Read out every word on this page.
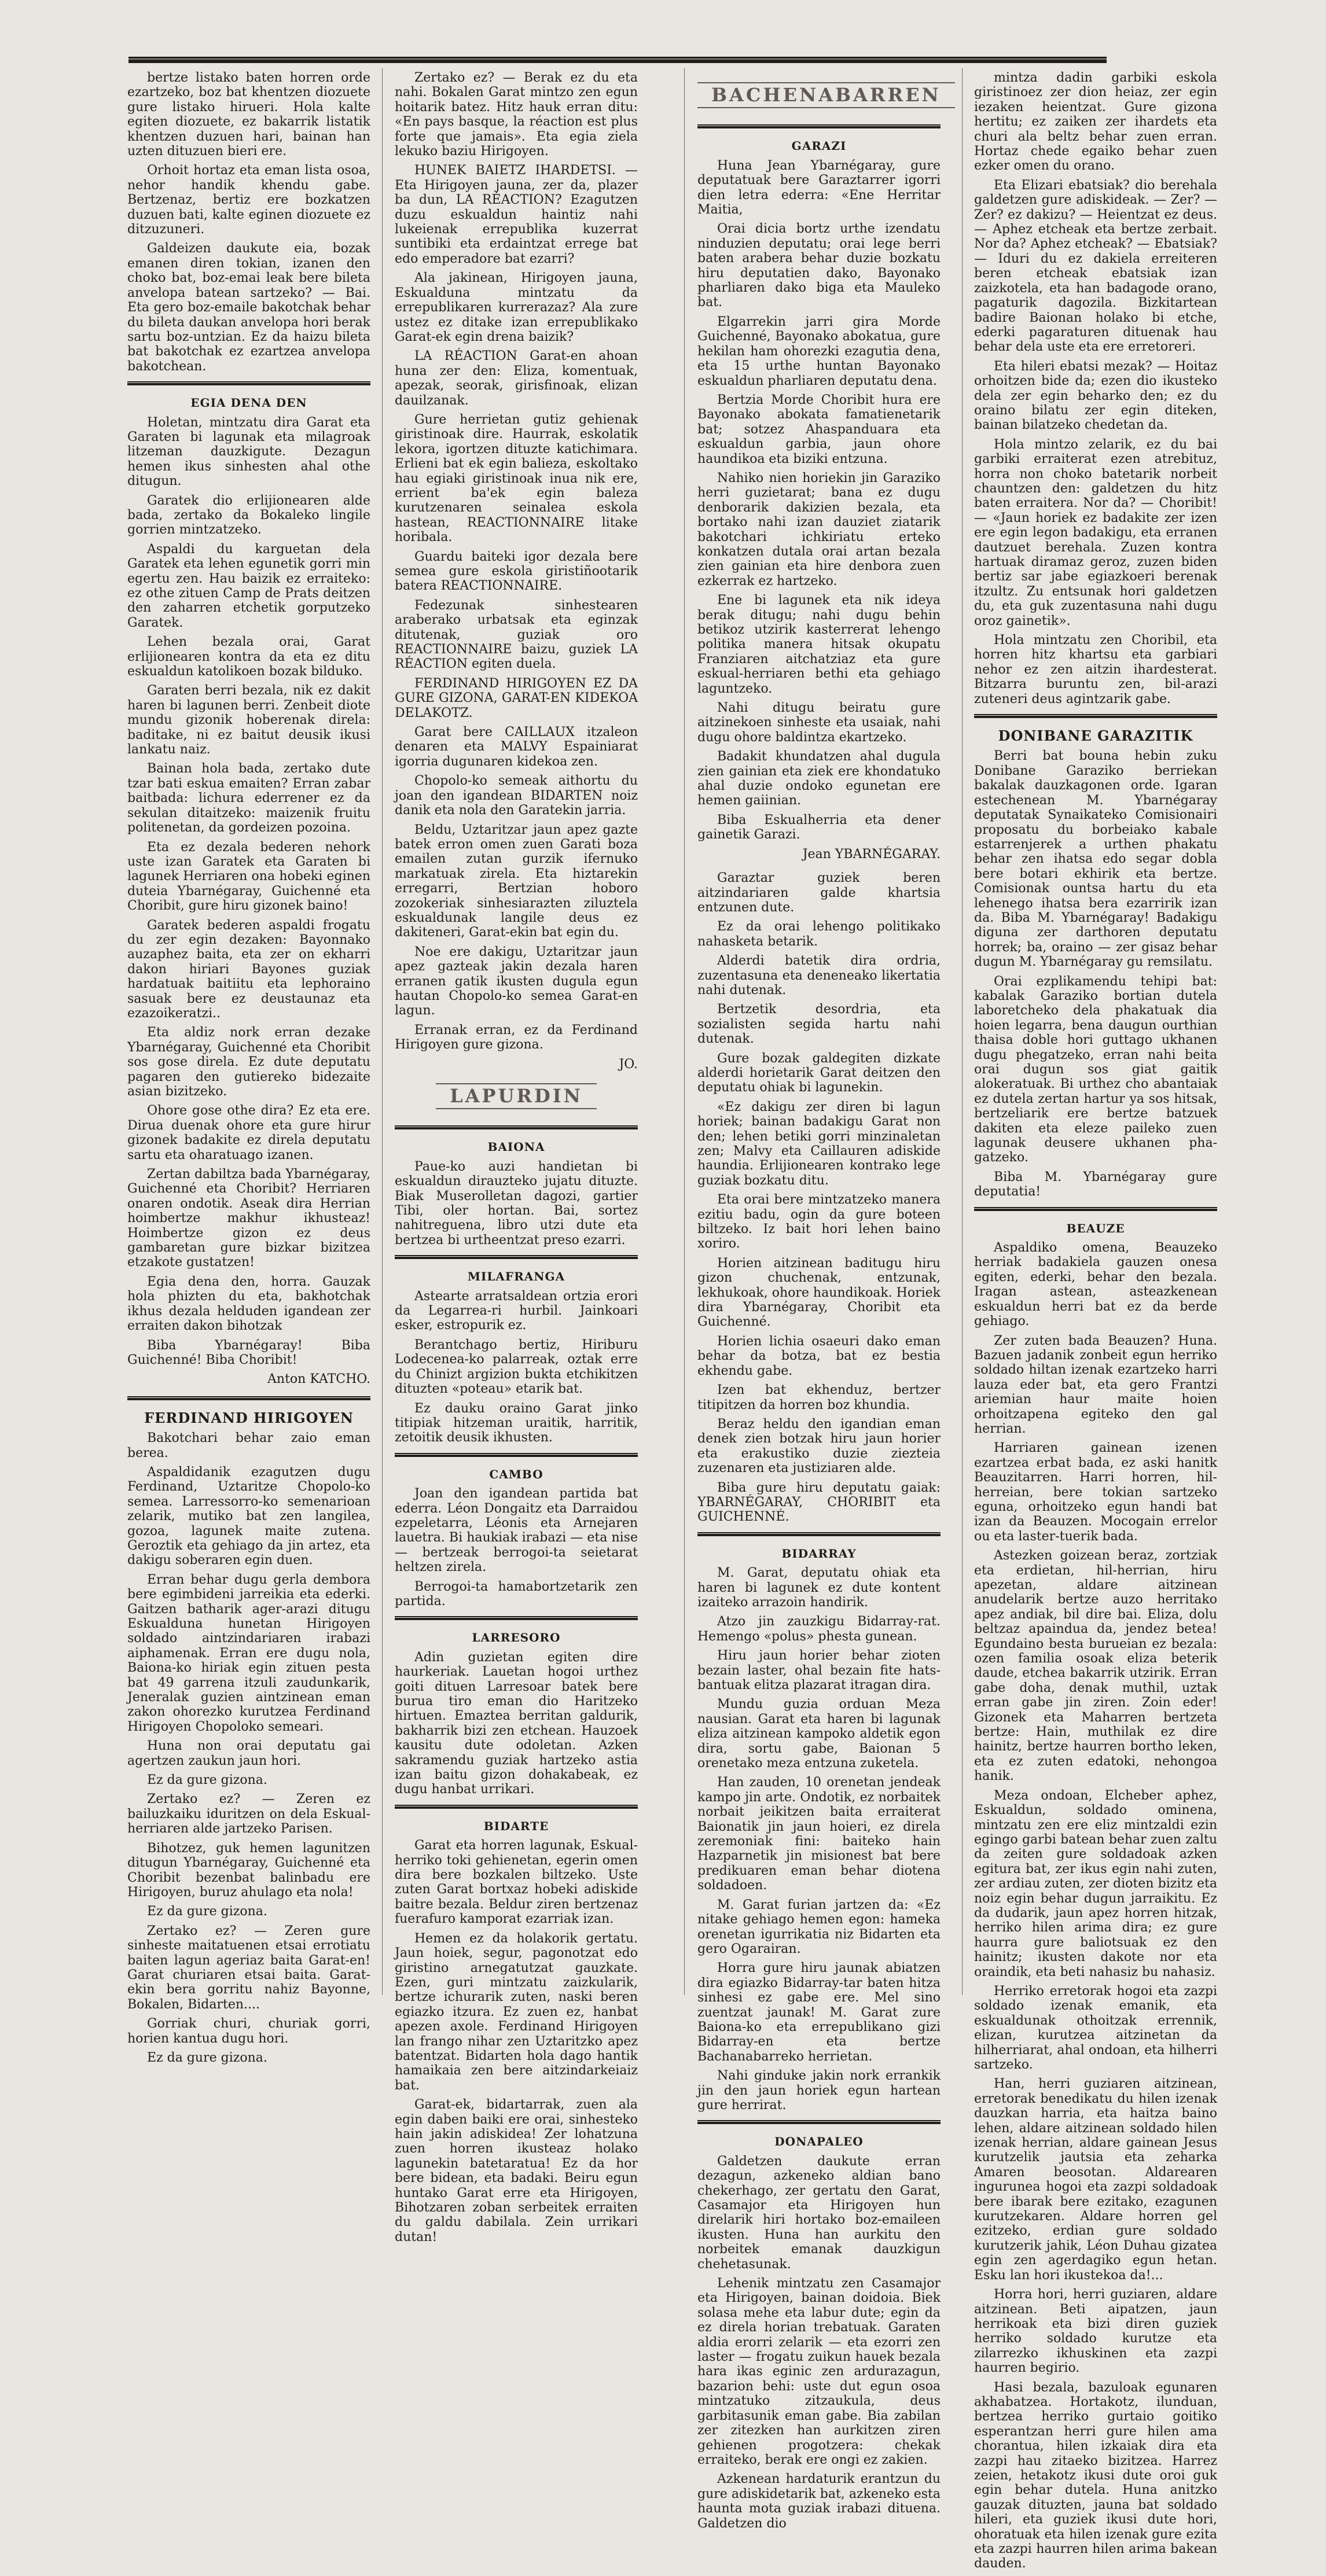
bertze listako baten horren orde ezartzeko, boz bat khentzen diozuete gure listako hirueri. Hola kalte egiten diozuete, ez bakarrik listatik khentzen duzuen hari, bainan han uzten dituzuen bieri ere.

Orhoit hortaz eta eman lista osoa, nehor handik khendu gabe. Bertzenaz, bertiz ere bozkatzen duzuen bati, kalte eginen diozuete ez ditzuzuneri.

Galdeizen daukute eia, bozak emanen diren tokian, izanen den choko bat, boz-emai leak bere bileta anvelopa batean sartzeko? — Bai. Eta gero boz-emaile bakotchak behar du bileta daukan anvelopa hori berak sartu boz-untzian. Ez da haizu bileta bat bakotchak ez ezartzea anvelopa bakotchean.

EGIA DENA DEN

Holetan, mintzatu dira Garat eta Garaten bi lagunak eta milagroak litzeman dauzkigute. Dezagun hemen ikus sinhesten ahal othe ditugun.

Garatek dio erlijionearen alde bada, zertako da Bokaleko lingile gorrien mintzatzeko.

Aspaldi du karguetan dela Garatek eta lehen egunetik gorri min egertu zen. Hau baizik ez erraiteko: ez othe zituen Camp de Prats deitzen den zaharren etchetik gorputzeko Garatek.

Lehen bezala orai, Garat erlijionearen kontra da eta ez ditu eskualdun katolikoen bozak bilduko.

Garaten berri bezala, nik ez dakit haren bi lagunen berri. Zenbeit diote mundu gizonik hoberenak direla: baditake, ni ez baitut deusik ikusi lankatu naiz.

Bainan hola bada, zertako dute tzar bati eskua emaiten? Erran zabar baitbada: lichura ederrener ez da sekulan ditaitzeko: maizenik fruitu politenetan, da gordeizen pozoina.

Eta ez dezala bederen nehork uste izan Garatek eta Garaten bi lagunek Herriaren ona hobeki eginen duteia Ybarnégaray, Guichenné eta Choribit, gure hiru gizonek baino!

Garatek bederen aspaldi frogatu du zer egin dezaken: Bayonnako auzaphez baita, eta zer on ekharri dakon hiriari Bayones guziak hardatuak baitiitu eta lephoraino sasuak bere ez deustaunaz eta ezazoikeratzi..

Eta aldiz nork erran dezake Ybarnégaray, Guichenné eta Choribit sos gose direla. Ez dute deputatu pagaren den gutiereko bidezaite asian bizitzeko.

Ohore gose othe dira? Ez eta ere. Dirua duenak ohore eta gure hirur gizonek badakite ez direla deputatu sartu eta oharatuago izanen.

Zertan dabiltza bada Ybarnégaray, Guichenné eta Choribit? Herriaren onaren ondotik. Aseak dira Herrian hoimbertze makhur ikhusteaz! Hoimbertze gizon ez deus gambaretan gure bizkar bizitzea etzakote gustatzen!

Egia dena den, horra. Gauzak hola phizten du eta, bakhotchak ikhus dezala helduden igandean zer erraiten dakon bihotzak

Biba Ybarnégaray! Biba Guichenné! Biba Choribit!

Anton KATCHO.
FERDINAND HIRIGOYEN

Bakotchari behar zaio eman berea.

Aspaldidanik ezagutzen dugu Ferdinand, Uztaritze Chopolo-ko semea. Larressorro-ko semenarioan zelarik, mutiko bat zen langilea, gozoa, lagunek maite zutena. Geroztik eta gehiago da jin artez, eta dakigu soberaren egin duen.

Erran behar dugu gerla dembora bere egimbideni jarreikia eta ederki. Gaitzen batharik ager-arazi ditugu Eskualduna hunetan Hirigoyen soldado aintzindariaren irabazi aiphamenak. Erran ere dugu nola, Baiona-ko hiriak egin zituen pesta bat 49 garrena itzuli zaudunkarik, Jeneralak guzien aintzinean eman zakon ohorezko kurutzea Ferdinand Hirigoyen Chopoloko semeari.

Huna non orai deputatu gai agertzen zaukun jaun hori.

Ez da gure gizona.

Zertako ez? — Zeren ez bailuzkaiku iduritzen on dela Eskual-herriaren alde jartzeko Parisen.

Bihotzez, guk hemen lagunitzen ditugun Ybarnégaray, Guichenné eta Choribit bezenbat balinbadu ere Hirigoyen, buruz ahulago eta nola!

Ez da gure gizona.

Zertako ez? — Zeren gure sinheste maitatuenen etsai errotiatu baiten lagun ageriaz baita Garat-en! Garat churiaren etsai baita. Garat-ekin bera gorritu nahiz Bayonne, Bokalen, Bidarten....

Gorriak churi, churiak gorri, horien kantua dugu hori.

Ez da gure gizona.

Zertako ez? — Berak ez du eta nahi. Bokalen Garat mintzo zen egun hoitarik batez. Hitz hauk erran ditu: «En pays basque, la réaction est plus forte que jamais». Eta egia ziela lekuko baziu Hirigoyen.

HUNEK BAIETZ IHARDETSI. — Eta Hirigoyen jauna, zer da, plazer ba dun, LA RÉACTION? Ezagutzen duzu eskualdun haintiz nahi lukeienak errepublika kuzerrat suntibiki eta erdaintzat errege bat edo emperadore bat ezarri?

Ala jakinean, Hirigoyen jauna, Eskualduna mintzatu da errepublikaren kurrerazaz? Ala zure ustez ez ditake izan errepublikako Garat-ek egin drena baizik?

LA RÉACTION Garat-en ahoan huna zer den: Eliza, komentuak, apezak, seorak, girisfinoak, elizan dauilzanak.

Gure herrietan gutiz gehienak giristinoak dire. Haurrak, eskolatik lekora, igortzen dituzte katichimara. Erlieni bat ek egin balieza, eskoltako hau egiaki giristinoak inua nik ere, errient ba'ek egin baleza kurutzenaren seinalea eskola hastean, REACTIONNAIRE litake horibala.

Guardu baiteki igor dezala bere semea gure eskola giristiñootarik batera REACTIONNAIRE.

Fedezunak sinhestearen araberako urbatsak eta eginzak ditutenak, guziak oro REACTIONNAIRE baizu, guziek LA RÉACTION egiten duela.

FERDINAND HIRIGOYEN EZ DA GURE GIZONA, GARAT-EN KIDEKOA DELAKOTZ.

Garat bere CAILLAUX itzaleon denaren eta MALVY Espainiarat igorria dugunaren kidekoa zen.

Chopolo-ko semeak aithortu du joan den igandean BIDARTEN noiz danik eta nola den Garatekin jarria.

Beldu, Uztaritzar jaun apez gazte batek erron omen zuen Garati boza emailen zutan gurzik ifernuko markatuak zirela. Eta hiztarekin erregarri, Bertzian hoboro zozokeriak sinhesiarazten ziluztela eskualdunak langile deus ez dakiteneri, Garat-ekin bat egin du.

Noe ere dakigu, Uztaritzar jaun apez gazteak jakin dezala haren erranen gatik ikusten dugula egun hautan Chopolo-ko semea Garat-en lagun.

Erranak erran, ez da Ferdinand Hirigoyen gure gizona.

JO.
LAPURDIN
BAIONA

Paue-ko auzi handietan bi eskualdun dirauzteko jujatu dituzte. Biak Muserolletan dagozi, gartier Tibi, oler hortan. Bai, sortez nahitreguena, libro utzi dute eta bertzea bi urtheentzat preso ezarri.

MILAFRANGA

Astearte arratsaldean ortzia erori da Legarrea-ri hurbil. Jainkoari esker, estropurik ez.

Berantchago bertiz, Hiriburu Lodecenea-ko palarreak, oztak erre du Chinizt argizion bukta etchikitzen dituzten «poteau» etarik bat.

Ez dauku oraino Garat jinko titipiak hitzeman uraitik, harritik, zetoitik deusik ikhusten.

CAMBO

Joan den igandean partida bat ederra. Léon Dongaitz eta Darraidou ezpeletarra, Léonis eta Arnejaren lauetra. Bi haukiak irabazi — eta nise — bertzeak berrogoi-ta seietarat heltzen zirela.

Berrogoi-ta hamabortzetarik zen partida.

LARRESORO

Adin guzietan egiten dire haurkeriak. Lauetan hogoi urthez goiti dituen Larresoar batek bere burua tiro eman dio Haritzeko hirtuen. Emaztea berritan galdurik, bakharrik bizi zen etchean. Hauzoek kausitu dute odoletan. Azken sakramendu guziak hartzeko astia izan baitu gizon dohakabeak, ez dugu hanbat urrikari.

BIDARTE

Garat eta horren lagunak, Eskual-herriko toki gehienetan, egerin omen dira bere bozkalen biltzeko. Uste zuten Garat bortxaz hobeki adiskide baitre bezala. Beldur ziren bertzenaz fuerafuro kamporat ezarriak izan.

Hemen ez da holakorik gertatu. Jaun hoiek, segur, pagonotzat edo giristino arnegatutzat gauzkate. Ezen, guri mintzatu zaizkularik, bertze ichurarik zuten, naski beren egiazko itzura. Ez zuen ez, hanbat apezen axole. Ferdinand Hirigoyen lan frango nihar zen Uztaritzko apez batentzat. Bidarten hola dago hantik hamaikaia zen bere aitzindarkeiaiz bat.

Garat-ek, bidartarrak, zuen ala egin daben baiki ere orai, sinhesteko hain jakin adiskidea! Zer lohatzuna zuen horren ikusteaz holako lagunekin batetaratua! Ez da hor bere bidean, eta badaki. Beiru egun huntako Garat erre eta Hirigoyen, Bihotzaren zoban serbeitek erraiten du galdu dabilala. Zein urrikari dutan!

BACHENABARREN
GARAZI

Huna Jean Ybarnégaray, gure deputatuak bere Garaztarrer igorri dien letra ederra: «Ene Herritar Maitia,

Orai dicia bortz urthe izendatu ninduzien deputatu; orai lege berri baten arabera behar duzie bozkatu hiru deputatien dako, Bayonako pharliaren dako biga eta Mauleko bat.

Elgarrekin jarri gira Morde Guichenné, Bayonako abokatua, gure hekilan ham ohorezki ezagutia dena, eta 15 urthe huntan Bayonako eskualdun pharliaren deputatu dena.

Bertzia Morde Choribit hura ere Bayonako abokata famatienetarik bat; sotzez Ahaspanduara eta eskualdun garbia, jaun ohore haundikoa eta biziki entzuna.

Nahiko nien horiekin jin Garaziko herri guzietarat; bana ez dugu denborarik dakizien bezala, eta bortako nahi izan dauziet ziatarik bakotchari ichkiriatu erteko konkatzen dutala orai artan bezala zien gainian eta hire denbora zuen ezkerrak ez hartzeko.

Ene bi lagunek eta nik ideya berak ditugu; nahi dugu behin betikoz utzirik kasterrerat lehengo politika manera hitsak okupatu Franziaren aitchatziaz eta gure eskual-herriaren bethi eta gehiago laguntzeko.

Nahi ditugu beiratu gure aitzinekoen sinheste eta usaiak, nahi dugu ohore baldintza ekartzeko.

Badakit khundatzen ahal dugula zien gainian eta ziek ere khondatuko ahal duzie ondoko egunetan ere hemen gaiinian.

Biba Eskualherria eta dener gainetik Garazi.

Jean YBARNÉGARAY.

Garaztar guziek beren aitzindariaren galde khartsia entzunen dute.

Ez da orai lehengo politikako nahasketa betarik.

Alderdi batetik dira ordria, zuzentasuna eta deneneako likertatia nahi dutenak.

Bertzetik desordria, eta sozialisten segida hartu nahi dutenak.

Gure bozak galdegiten dizkate alderdi horietarik Garat deitzen den deputatu ohiak bi lagunekin.

«Ez dakigu zer diren bi lagun horiek; bainan badakigu Garat non den; lehen betiki gorri minzinaletan zen; Malvy eta Caillauren adiskide haundia. Erlijionearen kontrako lege guziak bozkatu ditu.

Eta orai bere mintzatzeko manera ezitiu badu, ogin da gure boteen biltzeko. Iz bait hori lehen baino xoriro.

Horien aitzinean baditugu hiru gizon chuchenak, entzunak, lekhukoak, ohore haundikoak. Horiek dira Ybarnégaray, Choribit eta Guichenné.

Horien lichia osaeuri dako eman behar da botza, bat ez bestia ekhendu gabe.

Izen bat ekhenduz, bertzer titipitzen da horren boz khundia.

Beraz heldu den igandian eman denek zien botzak hiru jaun horier eta erakustiko duzie ziezteia zuzenaren eta justiziaren alde.

Biba gure hiru deputatu gaiak: YBARNÉGARAY, CHORIBIT eta GUICHENNÉ.

BIDARRAY

M. Garat, deputatu ohiak eta haren bi lagunek ez dute kontent izaiteko arrazoin handirik.

Atzo jin zauzkigu Bidarray-rat. Hemengo «polus» phesta gunean.

Hiru jaun horier behar zioten bezain laster, ohal bezain fite hats-bantuak elitza plazarat itragan dira.

Mundu guzia orduan Meza nausian. Garat eta haren bi lagunak eliza aitzinean kampoko aldetik egon dira, sortu gabe, Baionan 5 orenetako meza entzuna zuketela.

Han zauden, 10 orenetan jendeak kampo jin arte. Ondotik, ez norbaitek norbait jeikitzen baita erraiterat Baionatik jin jaun hoieri, ez direla zeremoniak fini: baiteko hain Hazparnetik jin misionest bat bere predikuaren eman behar diotena soldadoen.

M. Garat furian jartzen da: «Ez nitake gehiago hemen egon: hameka orenetan igurrikatia niz Bidarten eta gero Ogarairan.

Horra gure hiru jaunak abiatzen dira egiazko Bidarray-tar baten hitza sinhesi ez gabe ere. Mel sino zuentzat jaunak! M. Garat zure Baiona-ko eta errepublikano gizi Bidarray-en eta bertze Bachanabarreko herrietan.

Nahi ginduke jakin nork errankik jin den jaun horiek egun hartean gure herrirat.

DONAPALEO

Galdetzen daukute erran dezagun, azkeneko aldian bano chekerhago, zer gertatu den Garat, Casamajor eta Hirigoyen hun direlarik hiri hortako boz-emaileen ikusten. Huna han aurkitu den norbeitek emanak dauzkigun chehetasunak.

Lehenik mintzatu zen Casamajor eta Hirigoyen, bainan doidoia. Biek solasa mehe eta labur dute; egin da ez direla horian trebatuak. Garaten aldia erorri zelarik — eta ezorri zen laster — frogatu zuikun hauek bezala hara ikas eginic zen ardurazagun, bazarion behi: uste dut egun osoa mintzatuko zitzaukula, deus garbitasunik eman gabe. Bia zabilan zer zitezken han aurkitzen ziren gehienen progotzera: chekak erraiteko, berak ere ongi ez zakien.

Azkenean hardaturik erantzun du gure adiskidetarik bat, azkeneko esta haunta mota guziak irabazi dituena. Galdetzen dio

mintza dadin garbiki eskola giristinoez zer dion heiaz, zer egin iezaken heientzat. Gure gizona hertitu; ez zaiken zer ihardets eta churi ala beltz behar zuen erran. Hortaz chede egaiko behar zuen ezker omen du orano.

Eta Elizari ebatsiak? dio berehala galdetzen gure adiskideak. — Zer? — Zer? ez dakizu? — Heientzat ez deus. — Aphez etcheak eta bertze zerbait. Nor da? Aphez etcheak? — Ebatsiak? — Iduri du ez dakiela erreiteren beren etcheak ebatsiak izan zaizkotela, eta han badagode orano, pagaturik dagozila. Bizkitartean badire Baionan holako bi etche, ederki pagaraturen dituenak hau behar dela uste eta ere erretoreri.

Eta hileri ebatsi mezak? — Hoitaz orhoitzen bide da; ezen dio ikusteko dela zer egin beharko den; ez du oraino bilatu zer egin diteken, bainan bilatzeko chedetan da.

Hola mintzo zelarik, ez du bai garbiki erraiterat ezen atrebituz, horra non choko batetarik norbeit chauntzen den: galdetzen du hitz baten erraitera. Nor da? — Choribit! — «Jaun horiek ez badakite zer izen ere egin legon badakigu, eta erranen dautzuet berehala. Zuzen kontra hartuak diramaz geroz, zuzen biden bertiz sar jabe egiazkoeri berenak itzultz. Zu entsunak hori galdetzen du, eta guk zuzentasuna nahi dugu oroz gainetik».

Hola mintzatu zen Choribil, eta horren hitz khartsu eta garbiari nehor ez zen aitzin ihardesterat. Bitzarra buruntu zen, bil-arazi zuteneri deus agintzarik gabe.

DONIBANE GARAZITIK

Berri bat bouna hebin zuku Donibane Garaziko berriekan bakalak dauzkagonen orde. Igaran estechenean M. Ybarnégaray deputatak Synaikateko Comisionairi proposatu du borbeiako kabale estarrenjerek a urthen phakatu behar zen ihatsa edo segar dobla bere botari ekhirik eta bertze. Comisionak ountsa hartu du eta lehenego ihatsa bera ezarririk izan da. Biba M. Ybarnégaray! Badakigu diguna zer darthoren deputatu horrek; ba, oraino — zer gisaz behar dugun M. Ybarnégaray gu remsilatu.

Orai ezplikamendu tehipi bat: kabalak Garaziko bortian dutela laboretcheko dela phakatuak dia hoien legarra, bena daugun ourthian thaisa doble hori guttago ukhanen dugu phegatzeko, erran nahi beita orai dugun sos giat gaitik alokeratuak. Bi urthez cho abantaiak ez dutela zertan hartur ya sos hitsak, bertzeliarik ere bertze batzuek dakiten eta eleze paileko zuen lagunak deusere ukhanen pha-gatzeko.

Biba M. Ybarnégaray gure deputatia!

BEAUZE

Aspaldiko omena, Beauzeko herriak badakiela gauzen onesa egiten, ederki, behar den bezala. Iragan astean, asteazkenean eskualdun herri bat ez da berde gehiago.

Zer zuten bada Beauzen? Huna. Bazuen jadanik zonbeit egun herriko soldado hiltan izenak ezartzeko harri lauza eder bat, eta gero Frantzi ariemian haur maite hoien orhoitzapena egiteko den gal herrian.

Harriaren gainean izenen ezartzea erbat bada, ez aski hanitk Beauzitarren. Harri horren, hil-herreian, bere tokian sartzeko eguna, orhoitzeko egun handi bat izan da Beauzen. Mocogain errelor ou eta laster-tuerik bada.

Astezken goizean beraz, zortziak eta erdietan, hil-herrian, hiru apezetan, aldare aitzinean anudelarik bertze auzo herritako apez andiak, bil dire bai. Eliza, dolu beltzaz apaindua da, jendez betea! Egundaino besta burueian ez bezala: ozen familia osoak eliza beterik daude, etchea bakarrik utzirik. Erran gabe doha, denak muthil, uztak erran gabe jin ziren. Zoin eder! Gizonek eta Maharren bertzeta bertze: Hain, muthilak ez dire hainitz, bertze haurren bortho leken, eta ez zuten edatoki, nehongoa hanik.

Meza ondoan, Elcheber aphez, Eskualdun, soldado ominena, mintzatu zen ere eliz mintzaldi ezin egingo garbi batean behar zuen zaltu da zeiten gure soldadoak azken egitura bat, zer ikus egin nahi zuten, zer ardiau zuten, zer dioten bizitz eta noiz egin behar dugun jarraikitu. Ez da dudarik, jaun apez horren hitzak, herriko hilen arima dira; ez gure haurra gure baliotsuak ez den hainitz; ikusten dakote nor eta oraindik, eta beti nahasiz bu nahasiz.

Herriko erretorak hogoi eta zazpi soldado izenak emanik, eta eskualdunak othoitzak errennik, elizan, kurutzea aitzinetan da hilherriarat, ahal ondoan, eta hilherri sartzeko.

Han, herri guziaren aitzinean, erretorak benedikatu du hilen izenak dauzkan harria, eta haitza baino lehen, aldare aitzinean soldado hilen izenak herrian, aldare gainean Jesus kurutzelik jautsia eta zeharka Amaren beosotan. Aldarearen ingurunea hogoi eta zazpi soldadoak bere ibarak bere ezitako, ezagunen kurutzekaren. Aldare horren gel ezitzeko, erdian gure soldado kurutzerik jahik, Léon Duhau gizatea egin zen agerdagiko egun hetan. Esku lan hori ikustekoa da!...

Horra hori, herri guziaren, aldare aitzinean. Beti aipatzen, jaun herrikoak eta bizi diren guziek herriko soldado kurutze eta zilarrezko ikhuskinen eta zazpi haurren begirio.

Hasi bezala, bazuloak egunaren akhabatzea. Hortakotz, ilunduan, bertzea herriko gurtaio goitiko esperantzan herri gure hilen ama chorantua, hilen izkaiak dira eta zazpi hau zitaeko bizitzea. Harrez zeien, hetakotz ikusi dute oroi guk egin behar dutela. Huna anitzko gauzak dituzten, jauna bat soldado hileri, eta guziek ikusi dute hori, ohoratuak eta hilen izenak gure ezita eta zazpi haurren hilen arima bakean dauden.
